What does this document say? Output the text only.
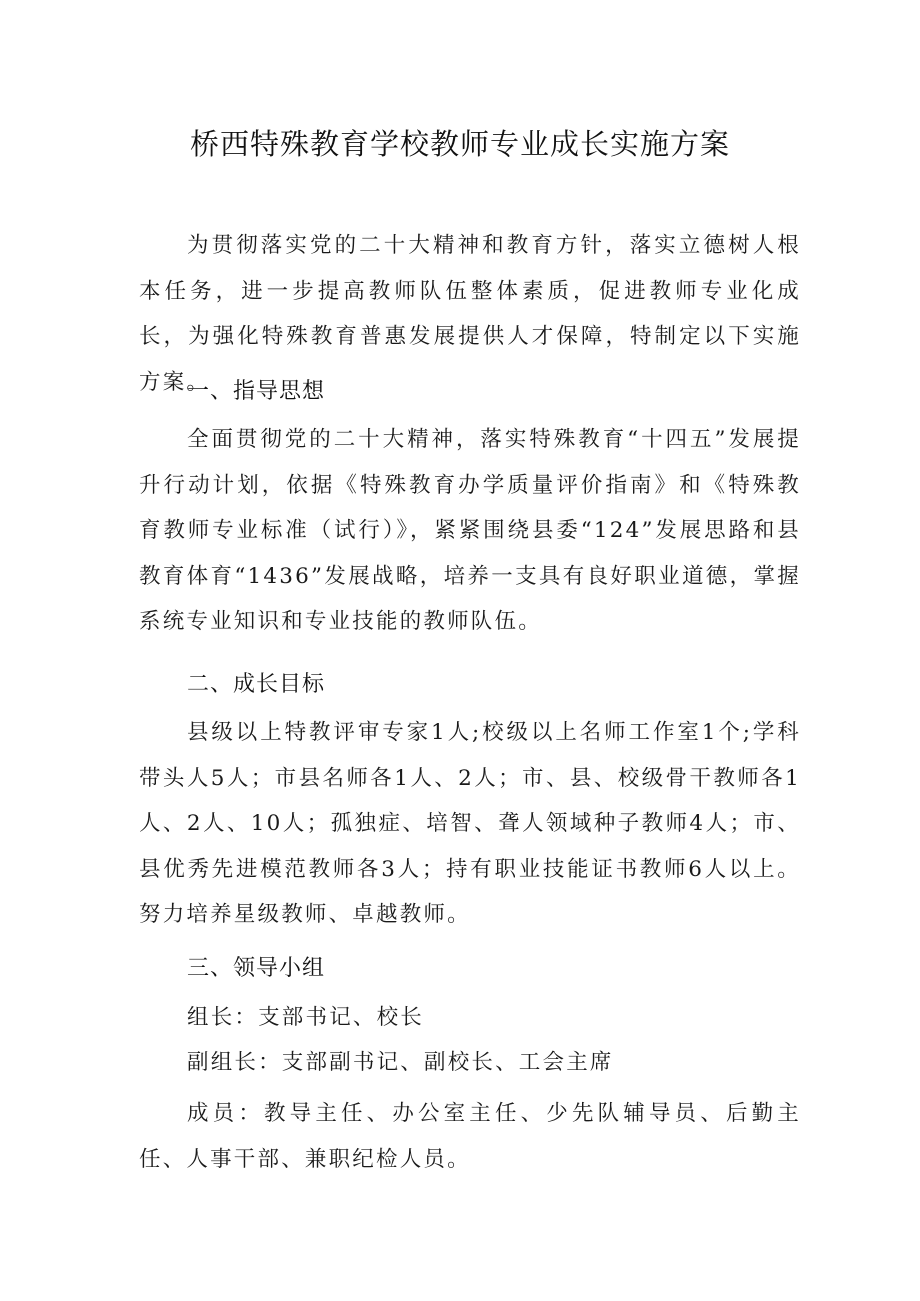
桥西特殊教育学校教师专业成长实施方案
为贯彻落实党的二十大精神和教育方针，落实立德树人根本任务，进一步提高教师队伍整体素质，促进教师专业化成长，为强化特殊教育普惠发展提供人才保障，特制定以下实施方案。
一、指导思想
全面贯彻党的二十大精神，落实特殊教育“十四五”发展提升行动计划，依据《特殊教育办学质量评价指南》和《特殊教育教师专业标准（试行）》，紧紧围绕县委“124”发展思路和县教育体育“1436”发展战略，培养一支具有良好职业道德，掌握系统专业知识和专业技能的教师队伍。
二、成长目标
县级以上特教评审专家1人;校级以上名师工作室1个;学科带头人5人；市县名师各1人、2人；市、县、校级骨干教师各1人、2人、10人；孤独症、培智、聋人领域种子教师4人；市、县优秀先进模范教师各3人；持有职业技能证书教师6人以上。努力培养星级教师、卓越教师。
三、领导小组
组长：支部书记、校长
副组长：支部副书记、副校长、工会主席
成员：教导主任、办公室主任、少先队辅导员、后勤主任、人事干部、兼职纪检人员。
